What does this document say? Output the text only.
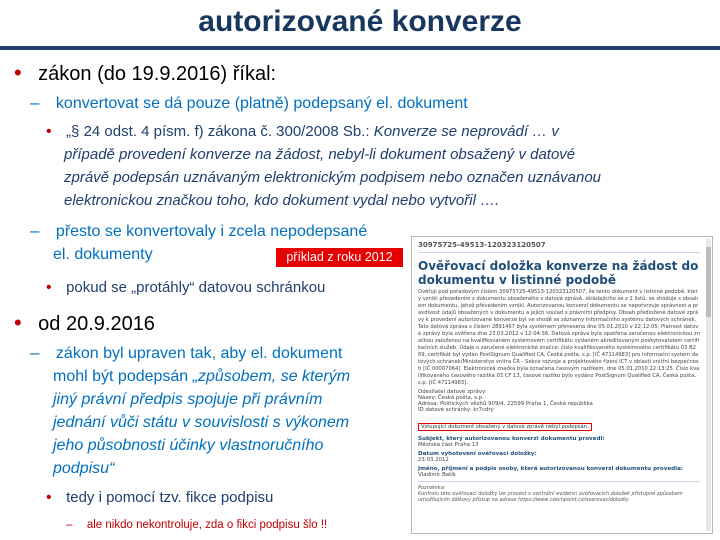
autorizované konverze
• zákon (do 19.9.2016) říkal:
– konvertovat se dá pouze (platně) podepsaný el. dokument
• „§ 24 odst. 4 písm. f) zákona č. 300/2008 Sb.: Konverze se neprovádí … v
případě provedení konverze na žádost, nebyl-li dokument obsažený v datové
zprávě podepsán uznávaným elektronickým podpisem nebo označen uznávanou
elektronickou značkou toho, kdo dokument vydal nebo vytvořil ….
– přesto se konvertovaly i zcela nepodepsané
el. dokumenty
• pokud se „protáhly“ datovou schránkou
• od 20.9.2016
– zákon byl upraven tak, aby el. dokument
mohl být podepsán „způsobem, se kterým
jiný právní předpis spojuje při právním
jednání vůči státu v souvislosti s výkonem
jeho působnosti účinky vlastnoručního
podpisu“
• tedy i pomocí tzv. fikce podpisu
– ale nikdo nekontroluje, zda o fikci podpisu šlo !!
30975725-49513-120323120507
Ověřovací doložka konverze na žádost do
dokumentu v listinné podobě
Ověřuji pod pořadovým číslem 30975725-49513-120323120507, že tento dokument v listinné podobě, který vznikl převedením z dokumentu obsaženého v datové zprávě, skládajícího se z 2 listů, se shoduje s obsahem dokumentu, jehož převedením vznikl. Autorizovanou konverzí dokumentu se nepotvrzuje správnost a pravdivost údajů obsažených v dokumentu a jejich soulad s právními předpisy. Obsah předložené datové zprávy k provedení autorizované konverze byl ve shodě se záznamy Informačního systému datových schránek. Tato datová zpráva s číslem 2891467 byla systémem přenesena dne 05.01.2010 v 22:12:05. Platnost datové zprávy byla ověřena dne 23.03.2012 v 12:04:36. Datová zpráva byla opatřena zaručenou elektronickou značkou založenou na kvalifikovaném systémovém certifikátu vydaném akreditovaným poskytovatelem certifikačních služeb. Údaje o zaručené elektronické značce: číslo kvalifikovaného systémového certifikátu 03 B2 69, certifikát byl vydán PostSignum Qualified CA, Česká pošta, s.p. [IČ 47114983] pro Informační systém datových schránek/Ministerstvo vnitra ČR - Sekce rozvoje a projektového řízení ICT v oblasti vnitřní bezpečnosti [IČ 00007064]. Elektronická značka byla označena časovým razítkem, dne 05.01.2010 22:13:25. Číslo kvalifikovaného časového razítka 03 CF 13, časové razítko bylo vydáno PostSignum Qualified CA, Česká pošta, s.p. [IČ 47114983].
Odesílatel datové zprávy:
Název: Česká pošta, s.p.
Adresa: Politických vězňů 909/4, 22599 Praha 1, Česká republika
ID datové schránky: kr7cdry
Vstupující dokument obsažený v datové zprávě nebyl podepsán.
Subjekt, který autorizovanou konverzi dokumentu provedl:
Městská část Praha 13
Datum vyhotovení ověřovací doložky:
23.03.2012
Jméno, příjmení a podpis osoby, která autorizovanou konverzi dokumentu provedla:
Vladimír Batík
Poznámka:
Kontrolu této ověřovací doložky lze provést v centrální evidenci ověřovacích doložek přístupné způsobem umožňujícím dálkový přístup na adrese https://www.czechpoint.cz/overovacidolozky.
příklad z roku 2012
